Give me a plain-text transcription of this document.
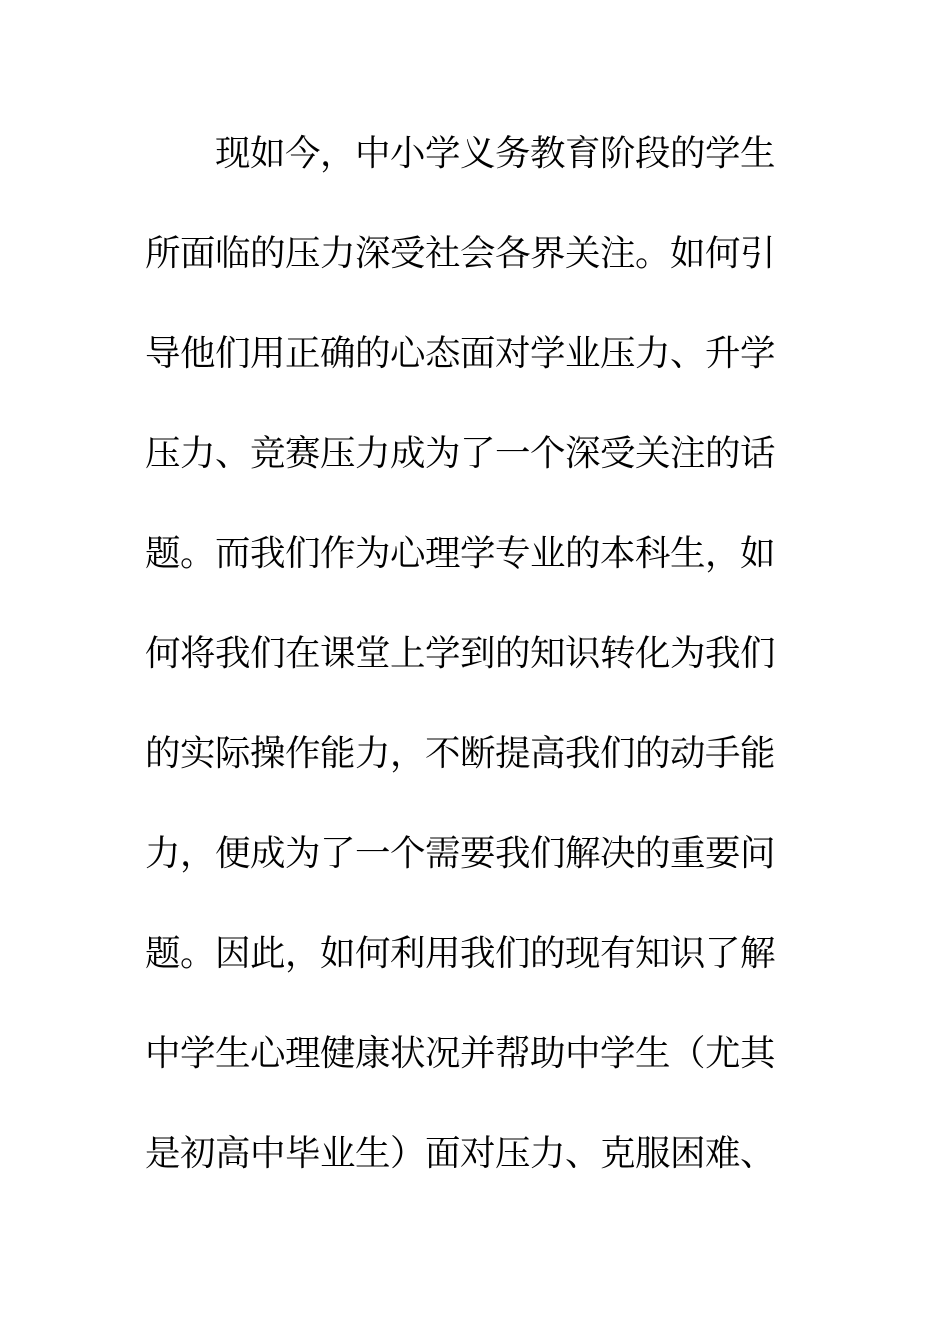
现如今，中小学义务教育阶段的学生
所面临的压力深受社会各界关注。如何引
导他们用正确的心态面对学业压力、升学
压力、竞赛压力成为了一个深受关注的话
题。而我们作为心理学专业的本科生，如
何将我们在课堂上学到的知识转化为我们
的实际操作能力，不断提高我们的动手能
力，便成为了一个需要我们解决的重要问
题。因此，如何利用我们的现有知识了解
中学生心理健康状况并帮助中学生（尤其
是初高中毕业生）面对压力、克服困难、
